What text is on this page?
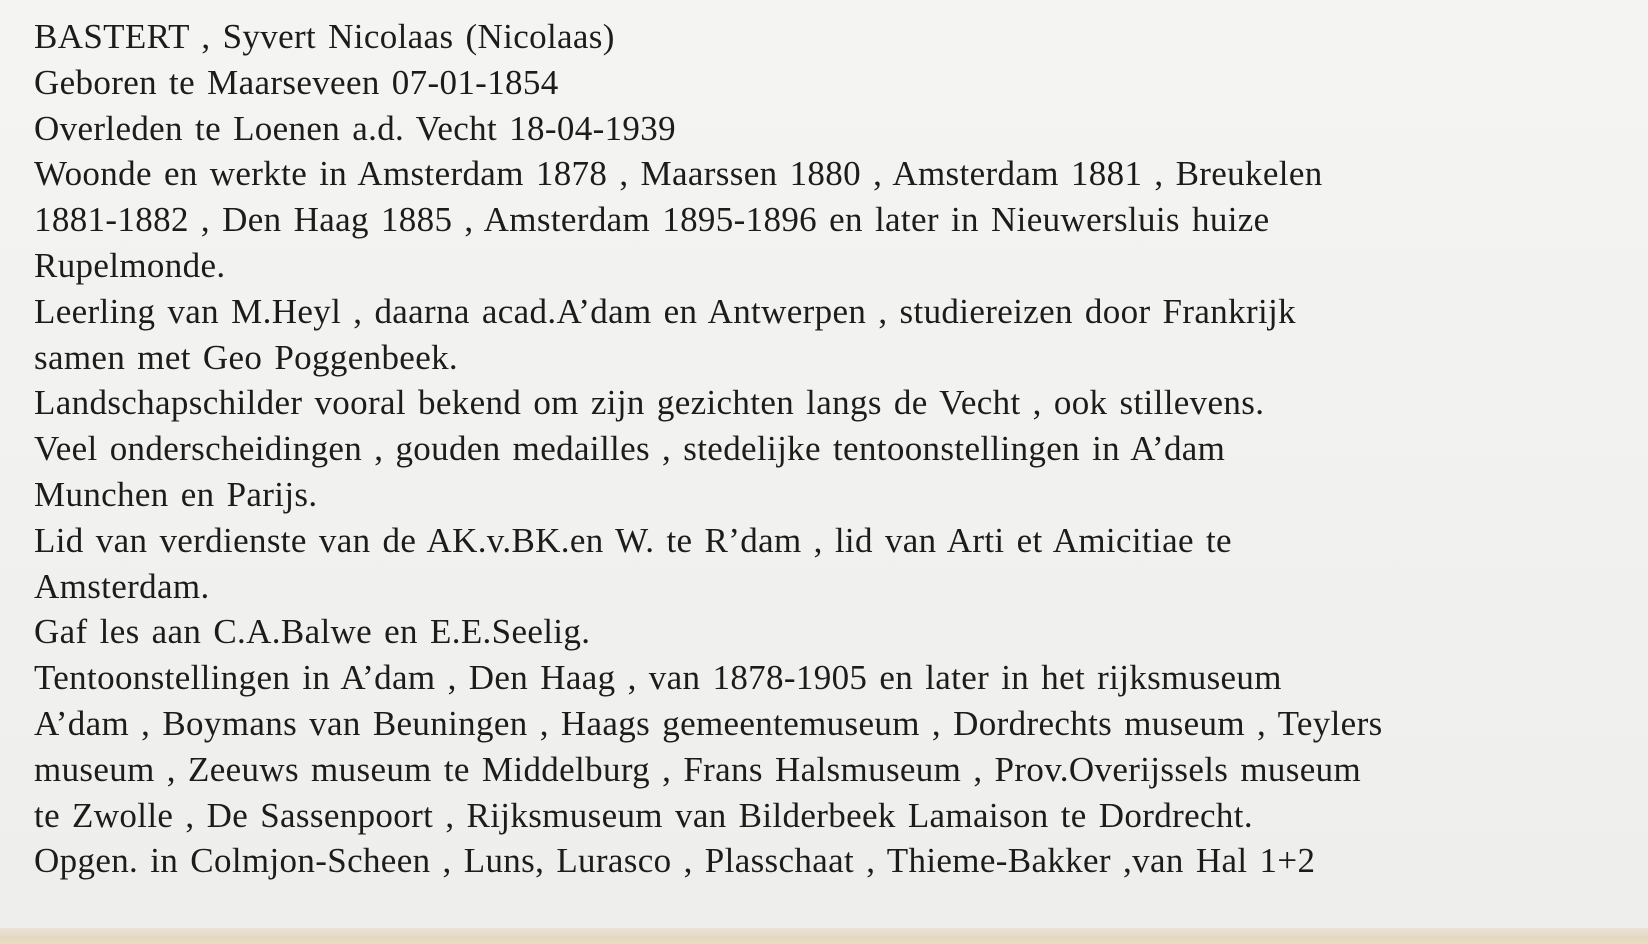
BASTERT , Syvert Nicolaas (Nicolaas)
Geboren te Maarseveen 07-01-1854
Overleden te Loenen a.d. Vecht 18-04-1939
Woonde en werkte in Amsterdam 1878 , Maarssen 1880 , Amsterdam 1881 , Breukelen
1881-1882 , Den Haag 1885 , Amsterdam 1895-1896 en later in Nieuwersluis huize
Rupelmonde.
Leerling van M.Heyl , daarna acad.A’dam en Antwerpen , studiereizen door Frankrijk
samen met Geo Poggenbeek.
Landschapschilder vooral bekend om zijn gezichten langs de Vecht , ook stillevens.
Veel onderscheidingen , gouden medailles , stedelijke tentoonstellingen in A’dam
Munchen en Parijs.
Lid van verdienste van de AK.v.BK.en W. te R’dam , lid van Arti et Amicitiae te
Amsterdam.
Gaf les aan C.A.Balwe en E.E.Seelig.
Tentoonstellingen in A’dam , Den Haag , van 1878-1905 en later in het rijksmuseum
A’dam , Boymans van Beuningen , Haags gemeentemuseum , Dordrechts museum , Teylers
museum , Zeeuws museum te Middelburg , Frans Halsmuseum , Prov.Overijssels museum
te Zwolle , De Sassenpoort , Rijksmuseum van Bilderbeek Lamaison te Dordrecht.
Opgen. in Colmjon-Scheen , Luns, Lurasco , Plasschaat , Thieme-Bakker ,van Hal 1+2
